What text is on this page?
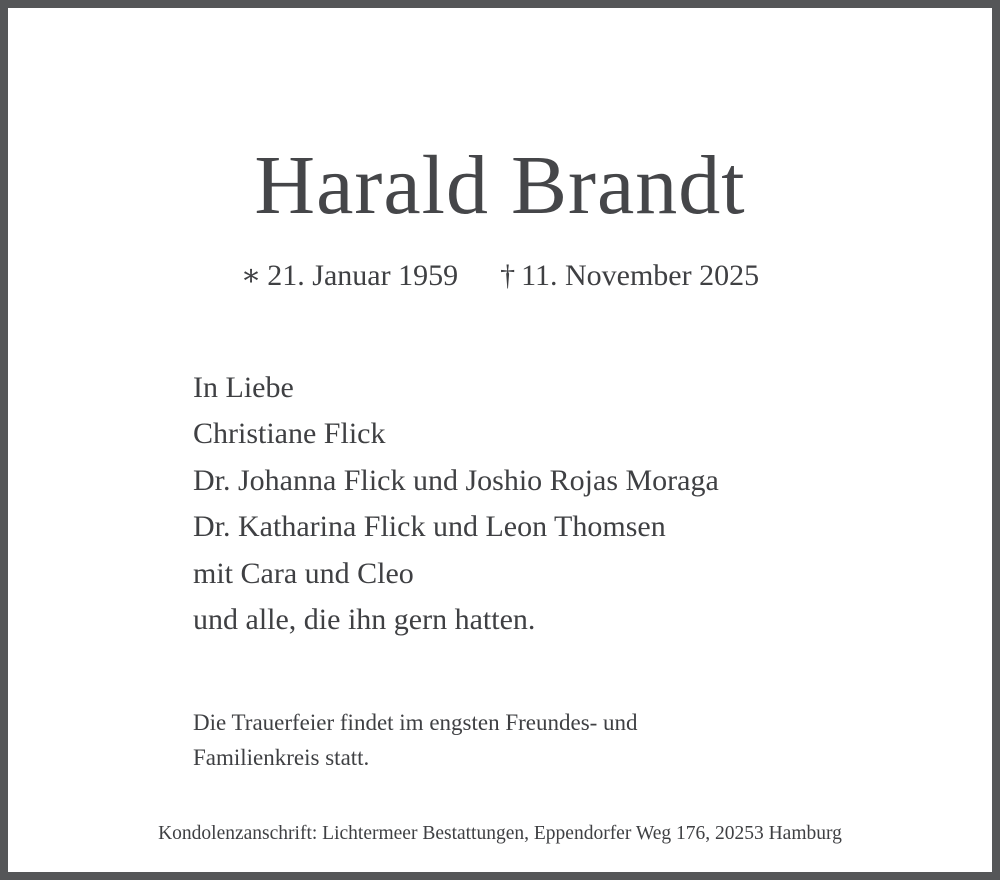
Harald Brandt
∗ 21. Januar 1959 † 11. November 2025
In Liebe
Christiane Flick
Dr. Johanna Flick und Joshio Rojas Moraga
Dr. Katharina Flick und Leon Thomsen
mit Cara und Cleo
und alle, die ihn gern hatten.
Die Trauerfeier findet im engsten Freundes- und
Familienkreis statt.
Kondolenzanschrift: Lichtermeer Bestattungen, Eppendorfer Weg 176, 20253 Hamburg
